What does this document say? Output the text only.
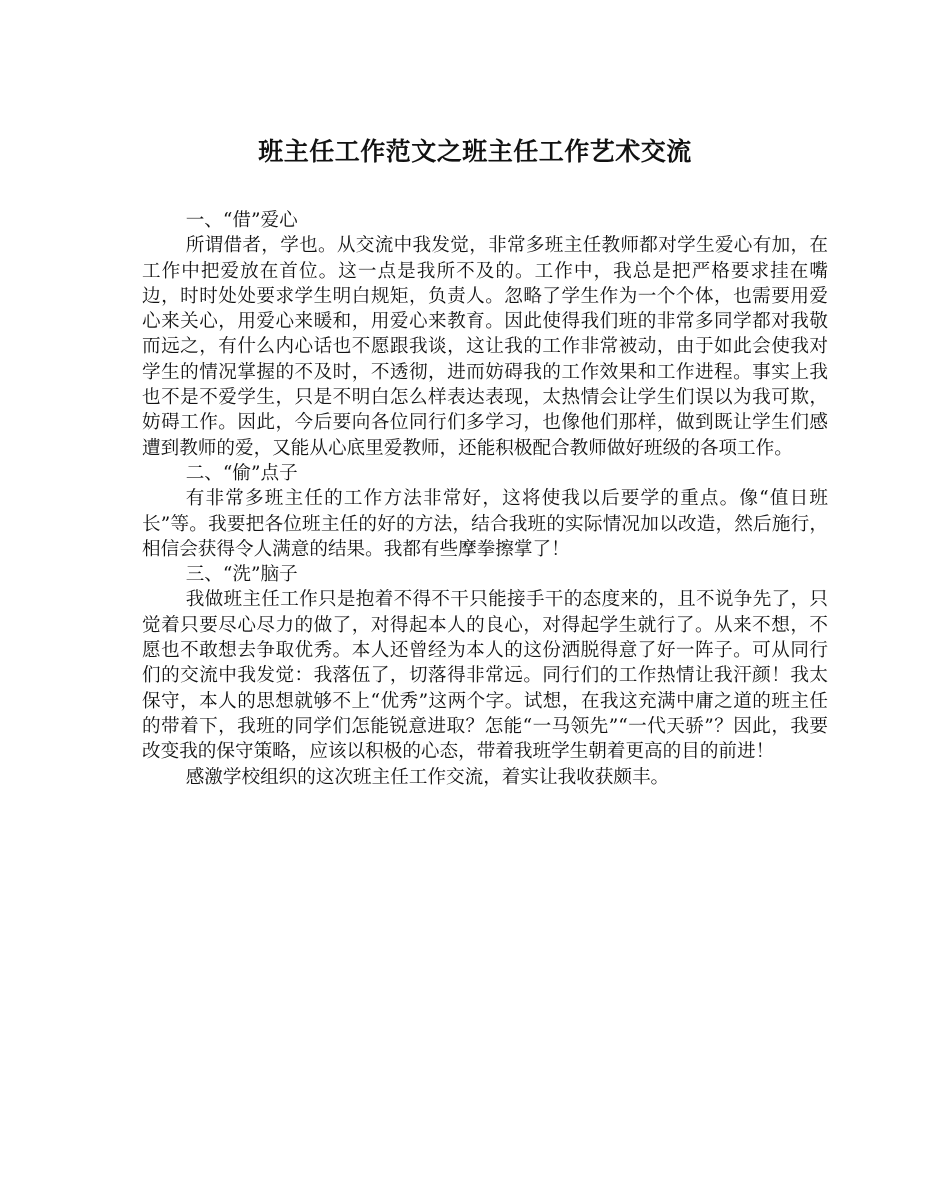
班主任工作范文之班主任工作艺术交流

一、“借”爱心

所谓借者，学也。从交流中我发觉，非常多班主任教师都对学生爱心有加，在工作中把爱放在首位。这一点是我所不及的。工作中，我总是把严格要求挂在嘴边，时时处处要求学生明白规矩，负责人。忽略了学生作为一个个体，也需要用爱心来关心，用爱心来暖和，用爱心来教育。因此使得我们班的非常多同学都对我敬而远之，有什么内心话也不愿跟我谈，这让我的工作非常被动，由于如此会使我对学生的情况掌握的不及时，不透彻，进而妨碍我的工作效果和工作进程。事实上我也不是不爱学生，只是不明白怎么样表达表现，太热情会让学生们误以为我可欺，妨碍工作。因此，今后要向各位同行们多学习，也像他们那样，做到既让学生们感遭到教师的爱，又能从心底里爱教师，还能积极配合教师做好班级的各项工作。

二、“偷”点子

有非常多班主任的工作方法非常好，这将使我以后要学的重点。像“值日班长”等。我要把各位班主任的好的方法，结合我班的实际情况加以改造，然后施行，相信会获得令人满意的结果。我都有些摩拳擦掌了！

三、“洗”脑子

我做班主任工作只是抱着不得不干只能接手干的态度来的，且不说争先了，只觉着只要尽心尽力的做了，对得起本人的良心，对得起学生就行了。从来不想，不愿也不敢想去争取优秀。本人还曾经为本人的这份洒脱得意了好一阵子。可从同行们的交流中我发觉：我落伍了，切落得非常远。同行们的工作热情让我汗颜！我太保守，本人的思想就够不上“优秀”这两个字。试想，在我这充满中庸之道的班主任的带着下，我班的同学们怎能锐意进取？怎能“一马领先”“一代天骄”？因此，我要改变我的保守策略，应该以积极的心态，带着我班学生朝着更高的目的前进！

感激学校组织的这次班主任工作交流，着实让我收获颇丰。
